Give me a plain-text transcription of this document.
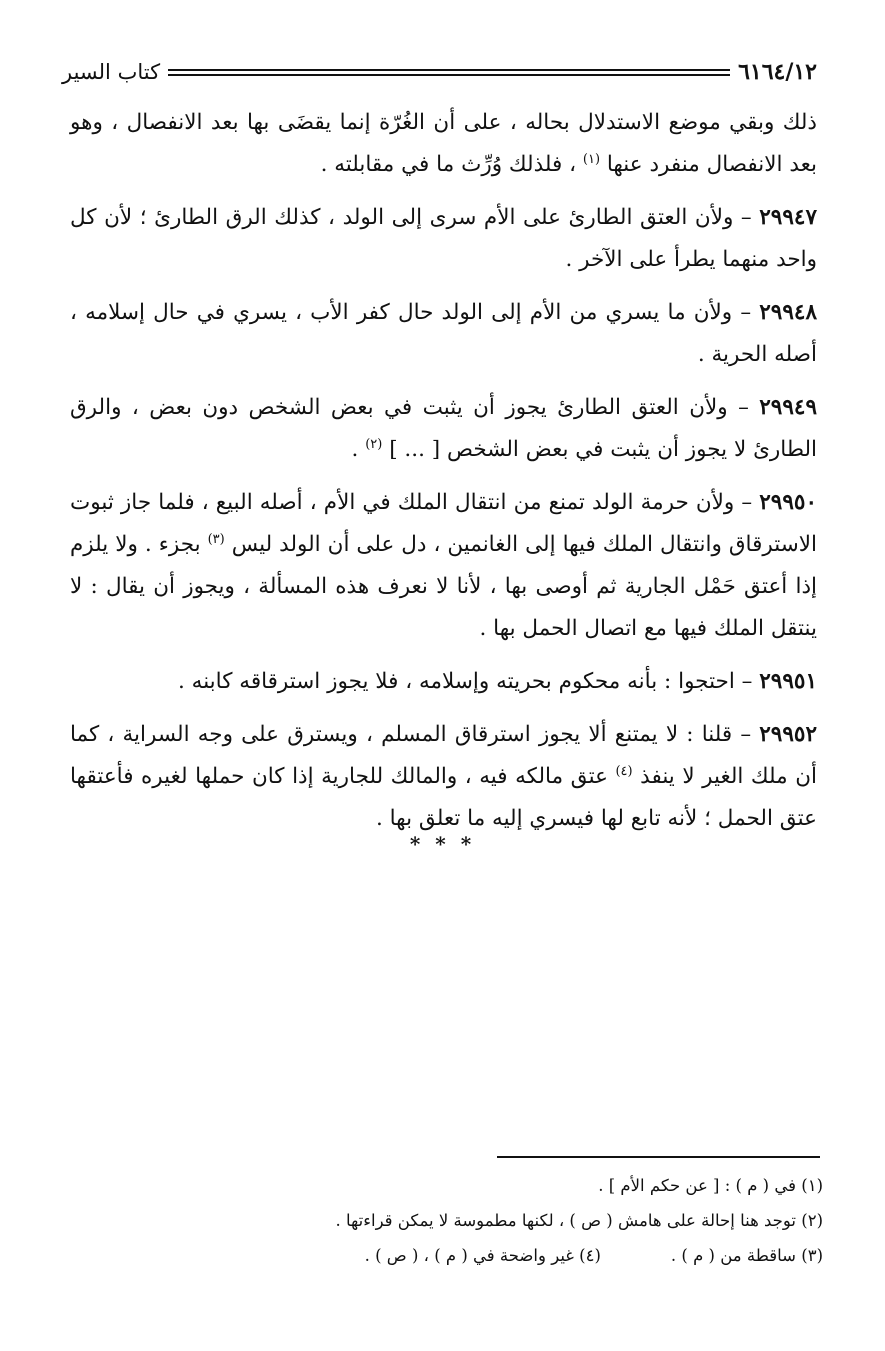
٦١٦٤/١٢
كتاب السير

ذلك وبقي موضع الاستدلال بحاله ، على أن الغُرّة إنما يقضَى بها بعد الانفصال ، وهو بعد الانفصال منفرد عنها $^{(١)}$ ، فلذلك وُرِّث ما في مقابلته .

٢٩٩٤٧ – ولأن العتق الطارئ على الأم سرى إلى الولد ، كذلك الرق الطارئ ؛ لأن كل واحد منهما يطرأ على الآخر .

٢٩٩٤٨ – ولأن ما يسري من الأم إلى الولد حال كفر الأب ، يسري في حال إسلامه ، أصله الحرية .

٢٩٩٤٩ – ولأن العتق الطارئ يجوز أن يثبت في بعض الشخص دون بعض ، والرق الطارئ لا يجوز أن يثبت في بعض الشخص [ ... ] $^{(٢)}$ .

٢٩٩٥٠ – ولأن حرمة الولد تمنع من انتقال الملك في الأم ، أصله البيع ، فلما جاز ثبوت الاسترقاق وانتقال الملك فيها إلى الغانمين ، دل على أن الولد ليس $^{(٣)}$ بجزء . ولا يلزم إذا أعتق حَمْل الجارية ثم أوصى بها ، لأنا لا نعرف هذه المسألة ، ويجوز أن يقال : لا ينتقل الملك فيها مع اتصال الحمل بها .

٢٩٩٥١ – احتجوا : بأنه محكوم بحريته وإسلامه ، فلا يجوز استرقاقه كابنه .

٢٩٩٥٢ – قلنا : لا يمتنع ألا يجوز استرقاق المسلم ، ويسترق على وجه السراية ، كما أن ملك الغير لا ينفذ $^{(٤)}$ عتق مالكه فيه ، والمالك للجارية إذا كان حملها لغيره فأعتقها عتق الحمل ؛ لأنه تابع لها فيسري إليه ما تعلق بها .

* * *
(١) في ( م ) : [ عن حكم الأم ] .
(٢) توجد هنا إحالة على هامش ( ص ) ، لكنها مطموسة لا يمكن قراءتها .
(٣) ساقطة من ( م ) .
(٤) غير واضحة في ( م ) ، ( ص ) .
